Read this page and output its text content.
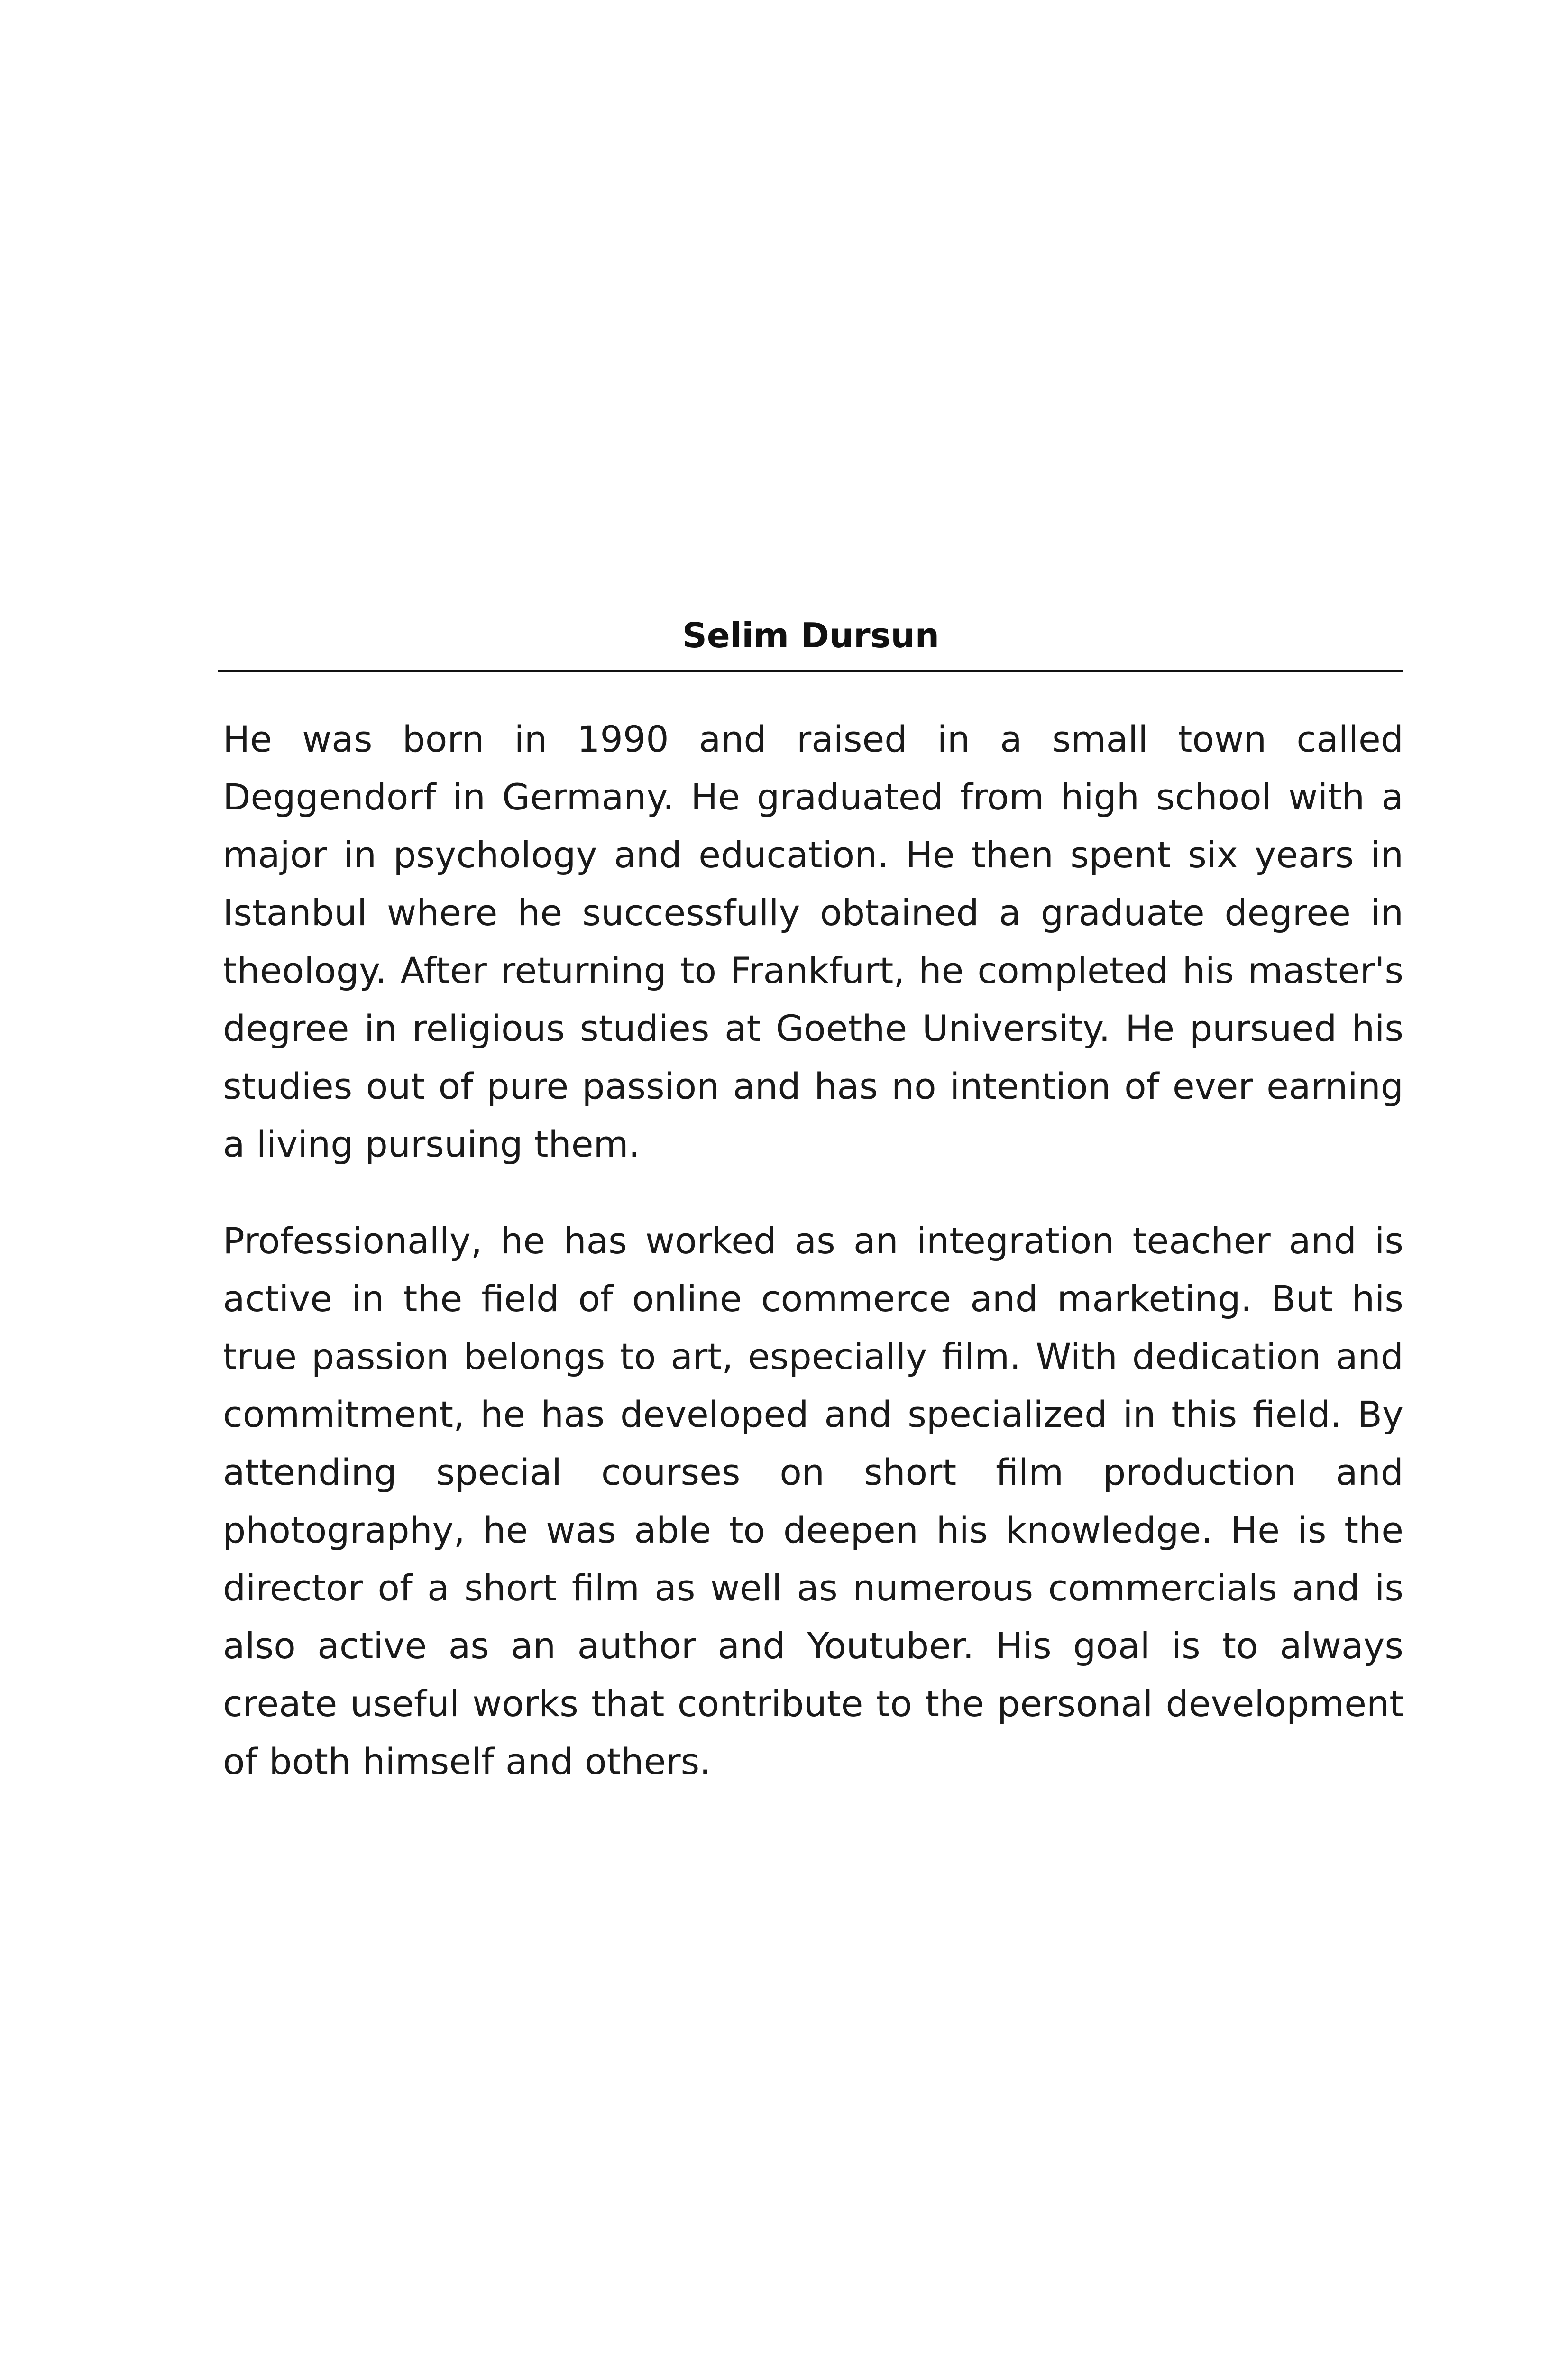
Selim Dursun

He was born in 1990 and raised in a small town called Deggendorf in Germany. He graduated from high school with a major in psychology and education. He then spent six years in Istanbul where he successfully obtained a graduate degree in theology. After returning to Frankfurt, he completed his master's degree in religious studies at Goethe University. He pursued his studies out of pure passion and has no intention of ever earning a living pursuing them.

Professionally, he has worked as an integration teacher and is active in the field of online commerce and marketing. But his true passion belongs to art, especially film. With dedication and commitment, he has developed and specialized in this field. By attending special courses on short film production and photography, he was able to deepen his knowledge. He is the director of a short film as well as numerous commercials and is also active as an author and Youtuber. His goal is to always create useful works that contribute to the personal development of both himself and others.
